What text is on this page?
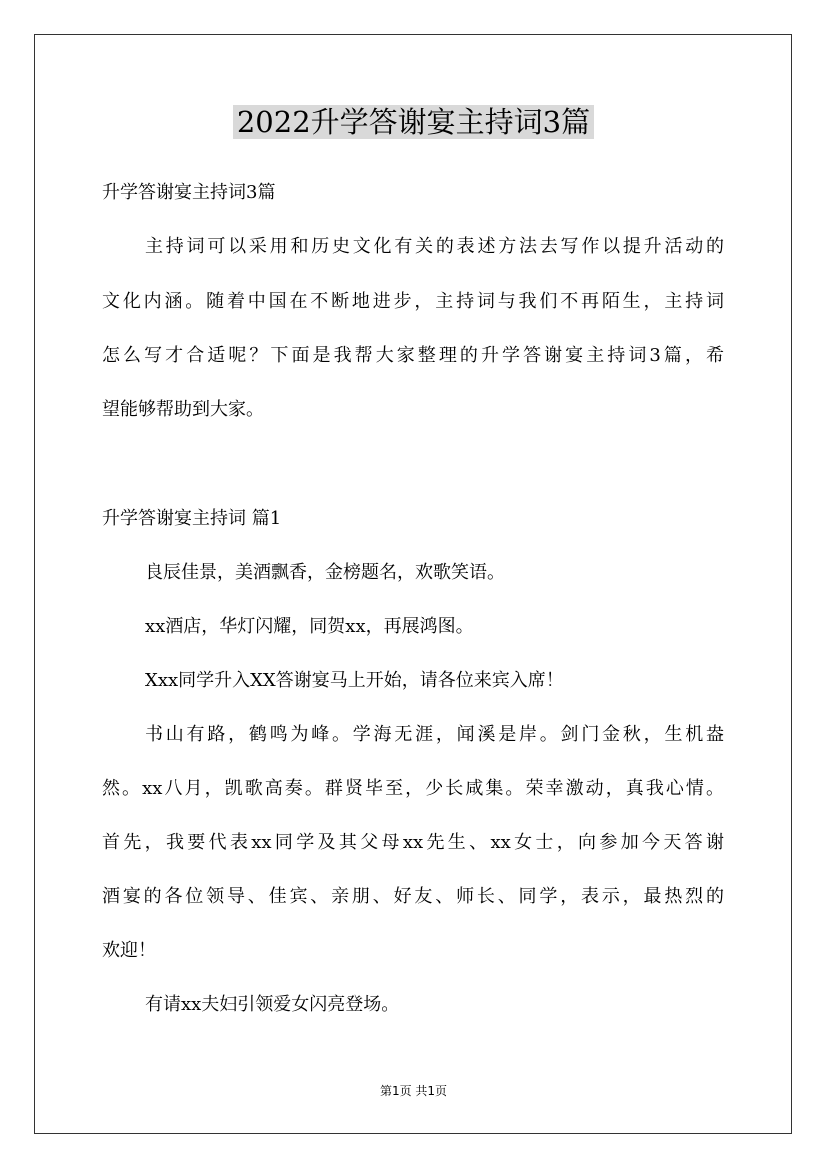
2022升学答谢宴主持词3篇

升学答谢宴主持词3篇

主持词可以采用和历史文化有关的表述方法去写作以提升活动的

文化内涵。随着中国在不断地进步，主持词与我们不再陌生，主持词

怎么写才合适呢？下面是我帮大家整理的升学答谢宴主持词3篇，希

望能够帮助到大家。

升学答谢宴主持词 篇1

良辰佳景，美酒飘香，金榜题名，欢歌笑语。

xx酒店，华灯闪耀，同贺xx，再展鸿图。

Xxx同学升入XX答谢宴马上开始，请各位来宾入席！

书山有路，鹤鸣为峰。学海无涯，闻溪是岸。剑门金秋，生机盎

然。xx八月，凯歌高奏。群贤毕至，少长咸集。荣幸激动，真我心情。

首先，我要代表xx同学及其父母xx先生、xx女士，向参加今天答谢

酒宴的各位领导、佳宾、亲朋、好友、师长、同学，表示，最热烈的

欢迎！

有请xx夫妇引领爱女闪亮登场。

第1页 共1页
